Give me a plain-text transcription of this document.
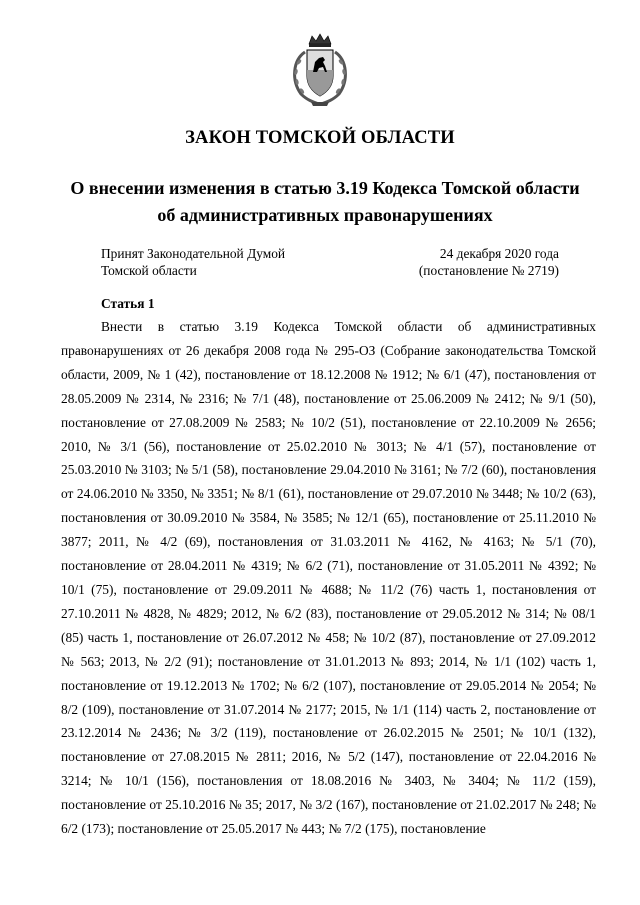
ЗАКОН ТОМСКОЙ ОБЛАСТИ
О внесении изменения в статью 3.19 Кодекса Томской области об административных правонарушениях
Принят Законодательной Думой
Томской области
24 декабря 2020 года
(постановление № 2719)
Статья 1

Внести в статью 3.19 Кодекса Томской области об административных правонарушениях от 26 декабря 2008 года № 295-ОЗ (Собрание законодательства Томской области, 2009, № 1 (42), постановление от 18.12.2008 № 1912; № 6/1 (47), постановления от 28.05.2009 № 2314, № 2316; № 7/1 (48), постановление от 25.06.2009 № 2412; № 9/1 (50), постановление от 27.08.2009 № 2583; № 10/2 (51), постановление от 22.10.2009 № 2656; 2010, № 3/1 (56), постановление от 25.02.2010 № 3013; № 4/1 (57), постановление от 25.03.2010 № 3103; № 5/1 (58), постановление 29.04.2010 № 3161; № 7/2 (60), постановления от 24.06.2010 № 3350, № 3351; № 8/1 (61), постановление от 29.07.2010 № 3448; № 10/2 (63), постановления от 30.09.2010 № 3584, № 3585; № 12/1 (65), постановление от 25.11.2010 № 3877; 2011, № 4/2 (69), постановления от 31.03.2011 № 4162, № 4163; № 5/1 (70), постановление от 28.04.2011 № 4319; № 6/2 (71), постановление от 31.05.2011 № 4392; № 10/1 (75), постановление от 29.09.2011 № 4688; № 11/2 (76) часть 1, постановления от 27.10.2011 № 4828, № 4829; 2012, № 6/2 (83), постановление от 29.05.2012 № 314; № 08/1 (85) часть 1, постановление от 26.07.2012 № 458; № 10/2 (87), постановление от 27.09.2012 № 563; 2013, № 2/2 (91); постановление от 31.01.2013 № 893; 2014, № 1/1 (102) часть 1, постановление от 19.12.2013 № 1702; № 6/2 (107), постановление от 29.05.2014 № 2054; № 8/2 (109), постановление от 31.07.2014 № 2177; 2015, № 1/1 (114) часть 2, постановление от 23.12.2014 № 2436; № 3/2 (119), постановление от 26.02.2015 № 2501; № 10/1 (132), постановление от 27.08.2015 № 2811; 2016, № 5/2 (147), постановление от 22.04.2016 № 3214; № 10/1 (156), постановления от 18.08.2016 № 3403, № 3404; № 11/2 (159), постановление от 25.10.2016 № 35; 2017, № 3/2 (167), постановление от 21.02.2017 № 248; № 6/2 (173); постановление от 25.05.2017 № 443; № 7/2 (175), постановление
